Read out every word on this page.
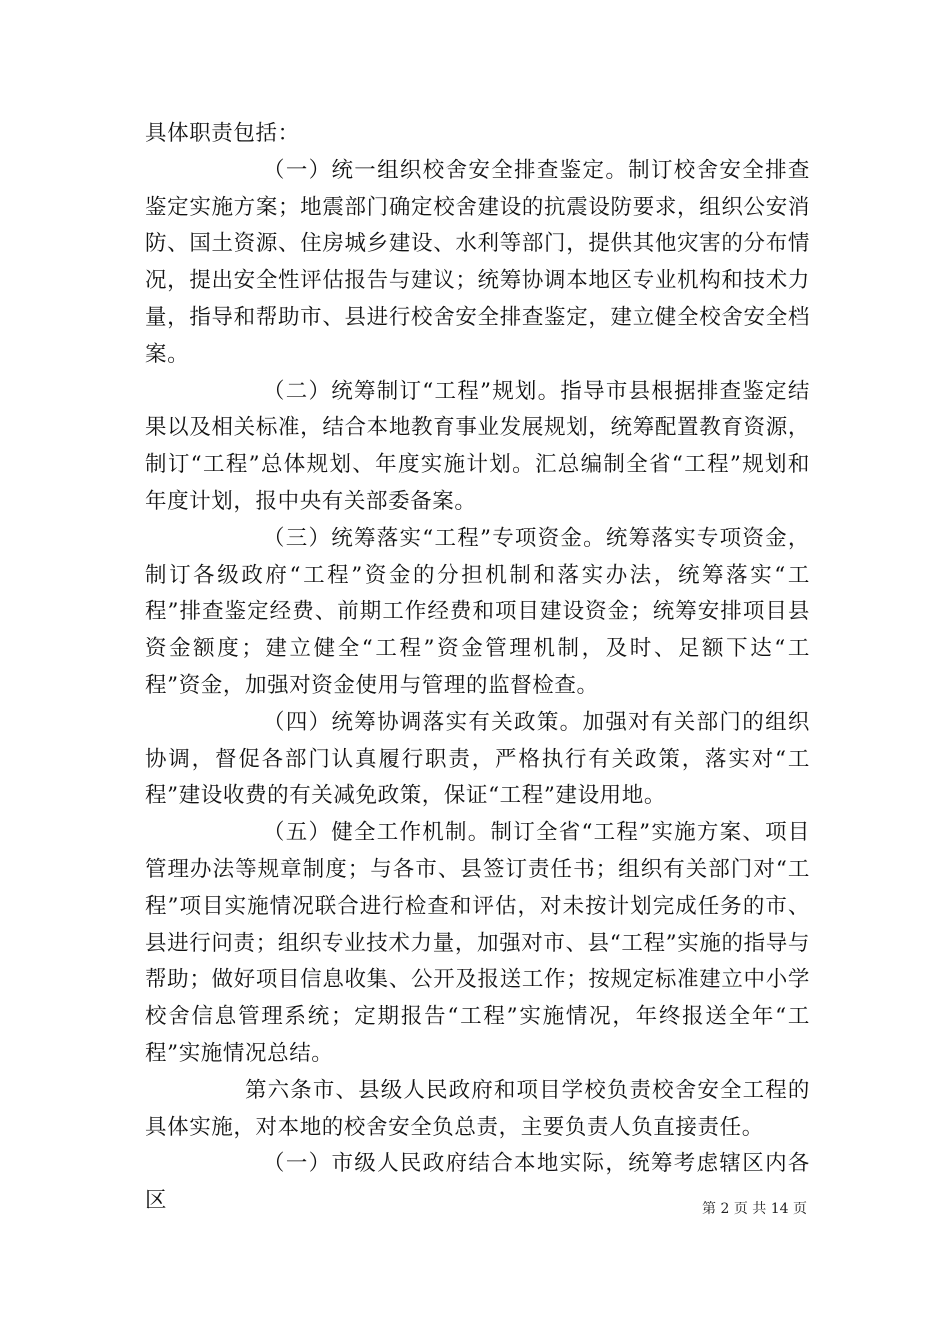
具体职责包括：

（一）统一组织校舍安全排查鉴定。制订校舍安全排查鉴定实施方案；地震部门确定校舍建设的抗震设防要求，组织公安消防、国土资源、住房城乡建设、水利等部门，提供其他灾害的分布情况，提出安全性评估报告与建议；统筹协调本地区专业机构和技术力量，指导和帮助市、县进行校舍安全排查鉴定，建立健全校舍安全档案。

（二）统筹制订“工程”规划。指导市县根据排查鉴定结果以及相关标准，结合本地教育事业发展规划，统筹配置教育资源，制订“工程”总体规划、年度实施计划。汇总编制全省“工程”规划和年度计划，报中央有关部委备案。

（三）统筹落实“工程”专项资金。统筹落实专项资金，制订各级政府“工程”资金的分担机制和落实办法，统筹落实“工程”排查鉴定经费、前期工作经费和项目建设资金；统筹安排项目县资金额度；建立健全“工程”资金管理机制，及时、足额下达“工程”资金，加强对资金使用与管理的监督检查。

（四）统筹协调落实有关政策。加强对有关部门的组织协调，督促各部门认真履行职责，严格执行有关政策，落实对“工程”建设收费的有关减免政策，保证“工程”建设用地。

（五）健全工作机制。制订全省“工程”实施方案、项目管理办法等规章制度；与各市、县签订责任书；组织有关部门对“工程”项目实施情况联合进行检查和评估，对未按计划完成任务的市、县进行问责；组织专业技术力量，加强对市、县“工程”实施的指导与帮助；做好项目信息收集、公开及报送工作；按规定标准建立中小学校舍信息管理系统；定期报告“工程”实施情况，年终报送全年“工程”实施情况总结。

第六条市、县级人民政府和项目学校负责校舍安全工程的具体实施，对本地的校舍安全负总责，主要负责人负直接责任。

（一）市级人民政府结合本地实际，统筹考虑辖区内各区	第 2 页 共 14 页
